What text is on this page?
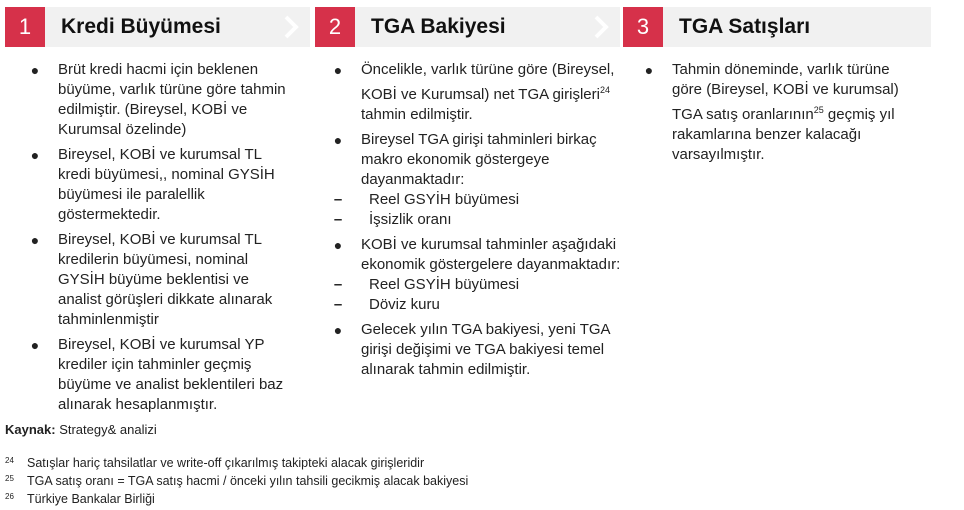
1	Kredi Büyümesi	2	TGA Bakiyesi	3	TGA Satışları
● Brüt kredi hacmi için beklenen büyüme, varlık türüne göre tahmin edilmiştir. (Bireysel, KOBİ ve Kurumsal özelinde)
● Bireysel, KOBİ ve kurumsal TL kredi büyümesi,, nominal GYSİH büyümesi ile paralellik göstermektedir.
● Bireysel, KOBİ ve kurumsal TL kredilerin büyümesi, nominal GYSİH büyüme beklentisi ve analist görüşleri dikkate alınarak tahminlenmiştir
● Bireysel, KOBİ ve kurumsal YP krediler için tahminler geçmiş büyüme ve analist beklentileri baz alınarak hesaplanmıştır.
● Öncelikle, varlık türüne göre (Bireysel, KOBİ ve Kurumsal) net TGA girişleri$^{24}$ tahmin edilmiştir.
● Bireysel TGA girişi tahminleri birkaç makro ekonomik göstergeye dayanmaktadır:
– Reel GSYİH büyümesi
– İşsizlik oranı
● KOBİ ve kurumsal tahminler aşağıdaki ekonomik göstergelere dayanmaktadır:
– Reel GSYİH büyümesi
– Döviz kuru
● Gelecek yılın TGA bakiyesi, yeni TGA girişi değişimi ve TGA bakiyesi temel alınarak tahmin edilmiştir.
● Tahmin döneminde, varlık türüne göre (Bireysel, KOBİ ve kurumsal) TGA satış oranlarının$^{25}$ geçmiş yıl rakamlarına benzer kalacağı varsayılmıştır.
Kaynak: Strategy& analizi
$^{24}$ Satışlar hariç tahsilatlar ve write-off çıkarılmış takipteki alacak girişleridir
$^{25}$ TGA satış oranı = TGA satış hacmi / önceki yılın tahsili gecikmiş alacak bakiyesi
$^{26}$ Türkiye Bankalar Birliği
